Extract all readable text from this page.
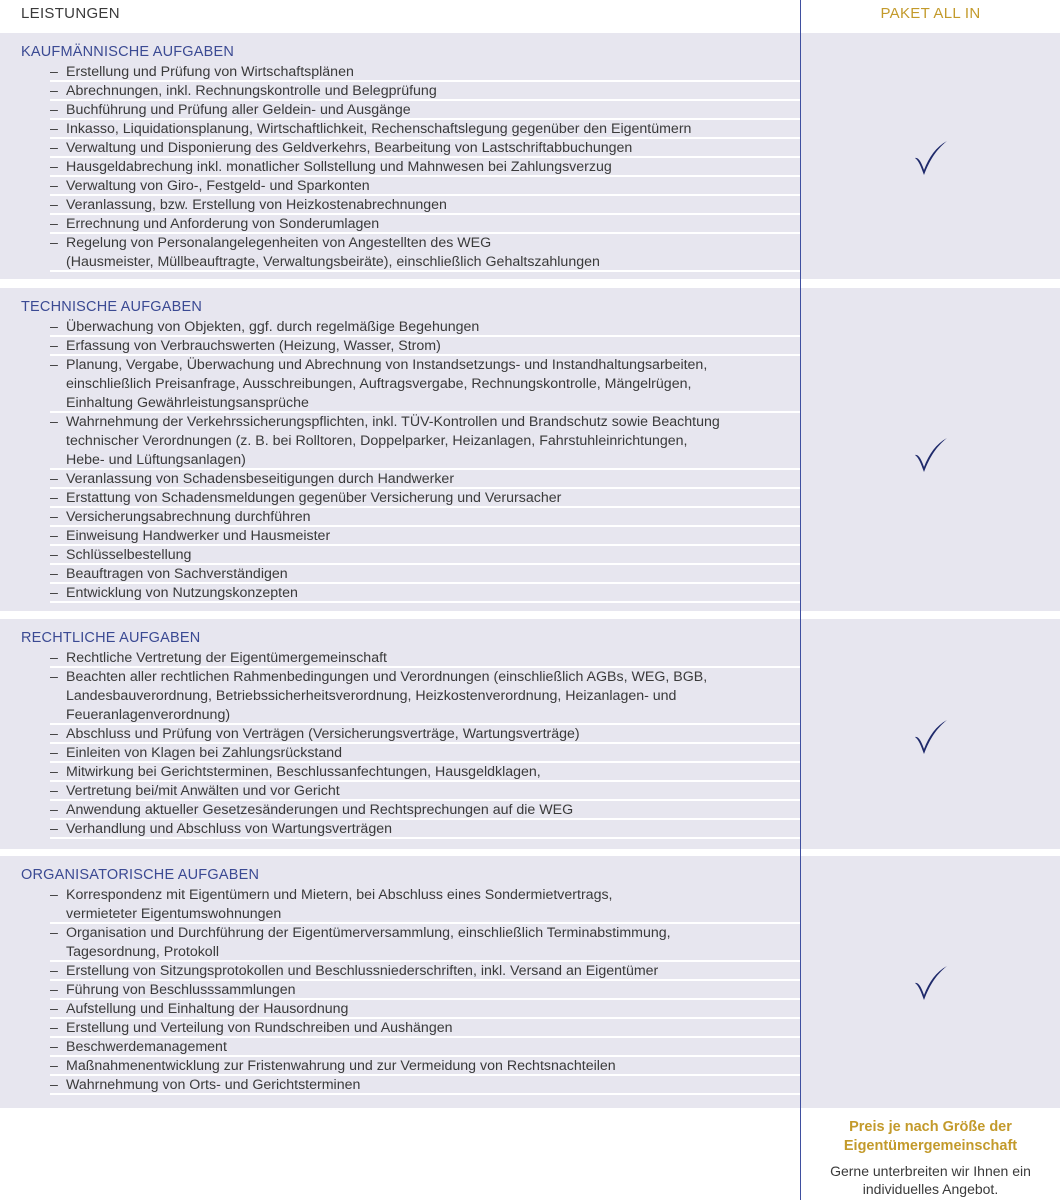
LEISTUNGEN	PAKET ALL IN
KAUFMÄNNISCHE AUFGABEN
– Erstellung und Prüfung von Wirtschaftsplänen
– Abrechnungen, inkl. Rechnungskontrolle und Belegprüfung
– Buchführung und Prüfung aller Geldein- und Ausgänge
– Inkasso, Liquidationsplanung, Wirtschaftlichkeit, Rechenschaftslegung gegenüber den Eigentümern
– Verwaltung und Disponierung des Geldverkehrs, Bearbeitung von Lastschriftabbuchungen
– Hausgeldabrechung inkl. monatlicher Sollstellung und Mahnwesen bei Zahlungsverzug
– Verwaltung von Giro-, Festgeld- und Sparkonten
– Veranlassung, bzw. Erstellung von Heizkostenabrechnungen
– Errechnung und Anforderung von Sonderumlagen
– Regelung von Personalangelegenheiten von Angestellten des WEG
(Hausmeister, Müllbeauftragte, Verwaltungsbeiräte), einschließlich Gehaltszahlungen
TECHNISCHE AUFGABEN
– Überwachung von Objekten, ggf. durch regelmäßige Begehungen
– Erfassung von Verbrauchswerten (Heizung, Wasser, Strom)
– Planung, Vergabe, Überwachung und Abrechnung von Instandsetzungs- und Instandhaltungsarbeiten,
einschließlich Preisanfrage, Ausschreibungen, Auftragsvergabe, Rechnungskontrolle, Mängelrügen,
Einhaltung Gewährleistungsansprüche
– Wahrnehmung der Verkehrssicherungspflichten, inkl. TÜV-Kontrollen und Brandschutz sowie Beachtung
technischer Verordnungen (z. B. bei Rolltoren, Doppelparker, Heizanlagen, Fahrstuhleinrichtungen,
Hebe- und Lüftungsanlagen)
– Veranlassung von Schadensbeseitigungen durch Handwerker
– Erstattung von Schadensmeldungen gegenüber Versicherung und Verursacher
– Versicherungsabrechnung durchführen
– Einweisung Handwerker und Hausmeister
– Schlüsselbestellung
– Beauftragen von Sachverständigen
– Entwicklung von Nutzungskonzepten
RECHTLICHE AUFGABEN
– Rechtliche Vertretung der Eigentümergemeinschaft
– Beachten aller rechtlichen Rahmenbedingungen und Verordnungen (einschließlich AGBs, WEG, BGB,
Landesbauverordnung, Betriebssicherheitsverordnung, Heizkostenverordnung, Heizanlagen- und
Feueranlagenverordnung)
– Abschluss und Prüfung von Verträgen (Versicherungsverträge, Wartungsverträge)
– Einleiten von Klagen bei Zahlungsrückstand
– Mitwirkung bei Gerichtsterminen, Beschlussanfechtungen, Hausgeldklagen,
– Vertretung bei/mit Anwälten und vor Gericht
– Anwendung aktueller Gesetzesänderungen und Rechtsprechungen auf die WEG
– Verhandlung und Abschluss von Wartungsverträgen
ORGANISATORISCHE AUFGABEN
– Korrespondenz mit Eigentümern und Mietern, bei Abschluss eines Sondermietvertrags,
vermieteter Eigentumswohnungen
– Organisation und Durchführung der Eigentümerversammlung, einschließlich Terminabstimmung,
Tagesordnung, Protokoll
– Erstellung von Sitzungsprotokollen und Beschlussniederschriften, inkl. Versand an Eigentümer
– Führung von Beschlusssammlungen
– Aufstellung und Einhaltung der Hausordnung
– Erstellung und Verteilung von Rundschreiben und Aushängen
– Beschwerdemanagement
– Maßnahmenentwicklung zur Fristenwahrung und zur Vermeidung von Rechtsnachteilen
– Wahrnehmung von Orts- und Gerichtsterminen
Preis je nach Größe der
Eigentümergemeinschaft
Gerne unterbreiten wir Ihnen ein
individuelles Angebot.
